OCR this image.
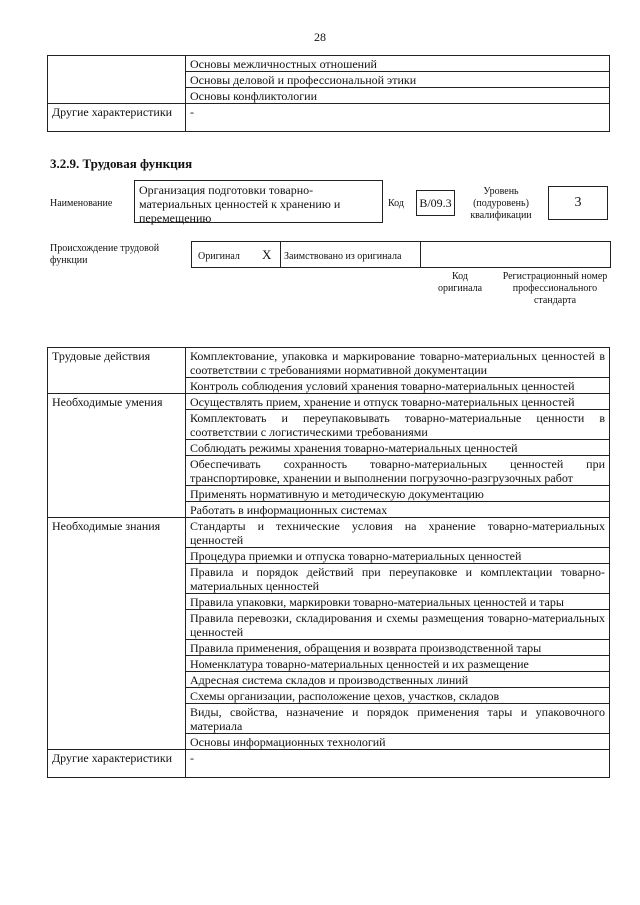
28
	Основы межличностных отношений
	Основы деловой и профессиональной этики
	Основы конфликтологии
Другие характеристики	-
3.2.9. Трудовая функция
Наименование
Организация подготовки товарно-материальных ценностей к хранению и перемещению
Код B/09.3
Уровень (подуровень) квалификации
3
Происхождение трудовой функции	Оригинал X Заимствовано из оригинала
Код оригинала
Регистрационный номер профессионального стандарта
Трудовые действия	Комплектование, упаковка и маркирование товарно-материальных ценностей в соответствии с требованиями нормативной документации
	Контроль соблюдения условий хранения товарно-материальных ценностей
Необходимые умения	Осуществлять прием, хранение и отпуск товарно-материальных ценностей
	Комплектовать и переупаковывать товарно-материальные ценности в соответствии с логистическими требованиями
	Соблюдать режимы хранения товарно-материальных ценностей
	Обеспечивать сохранность товарно-материальных ценностей при транспортировке, хранении и выполнении погрузочно-разгрузочных работ
	Применять нормативную и методическую документацию
	Работать в информационных системах
Необходимые знания	Стандарты и технические условия на хранение товарно-материальных ценностей
	Процедура приемки и отпуска товарно-материальных ценностей
	Правила и порядок действий при переупаковке и комплектации товарно-материальных ценностей
	Правила упаковки, маркировки товарно-материальных ценностей и тары
	Правила перевозки, складирования и схемы размещения товарно-материальных ценностей
	Правила применения, обращения и возврата производственной тары
	Номенклатура товарно-материальных ценностей и их размещение
	Адресная система складов и производственных линий
	Схемы организации, расположение цехов, участков, складов
	Виды, свойства, назначение и порядок применения тары и упаковочного материала
	Основы информационных технологий
Другие характеристики	-
